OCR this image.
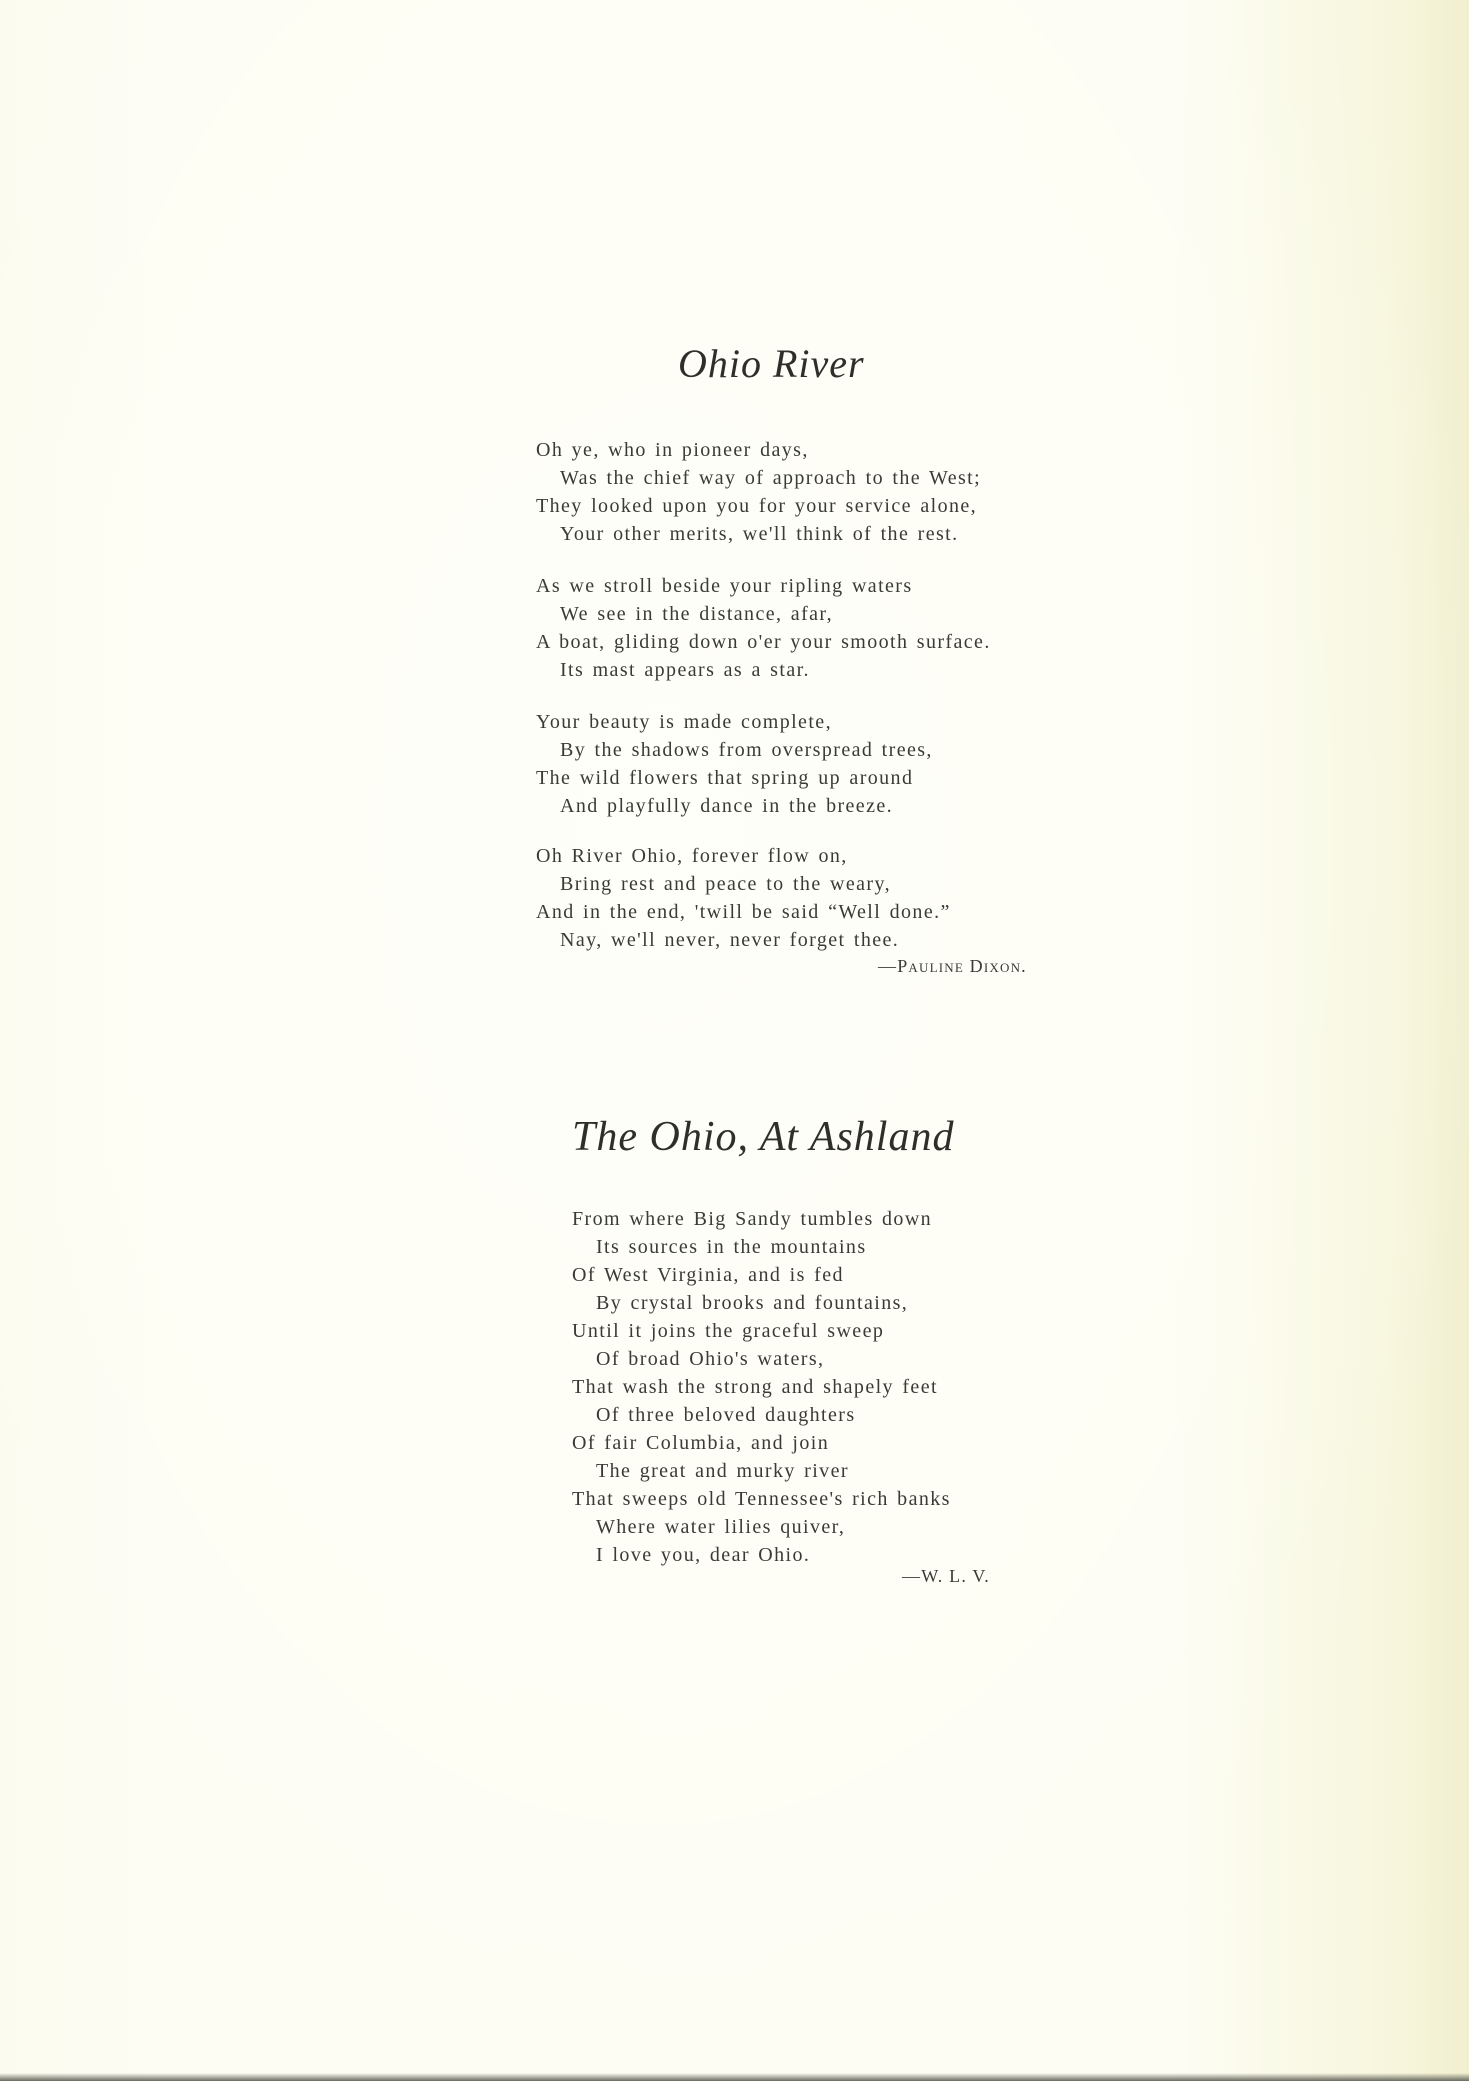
Ohio River
Oh ye, who in pioneer days,
Was the chief way of approach to the West;
They looked upon you for your service alone,
Your other merits, we'll think of the rest.
As we stroll beside your ripling waters
We see in the distance, afar,
A boat, gliding down o'er your smooth surface.
Its mast appears as a star.
Your beauty is made complete,
By the shadows from overspread trees,
The wild flowers that spring up around
And playfully dance in the breeze.
Oh River Ohio, forever flow on,
Bring rest and peace to the weary,
And in the end, 'twill be said “Well done.”
Nay, we'll never, never forget thee.
—Pauline Dixon.
The Ohio, At Ashland
From where Big Sandy tumbles down
Its sources in the mountains
Of West Virginia, and is fed
By crystal brooks and fountains,
Until it joins the graceful sweep
Of broad Ohio's waters,
That wash the strong and shapely feet
Of three beloved daughters
Of fair Columbia, and join
The great and murky river
That sweeps old Tennessee's rich banks
Where water lilies quiver,
I love you, dear Ohio.
—W. L. V.
